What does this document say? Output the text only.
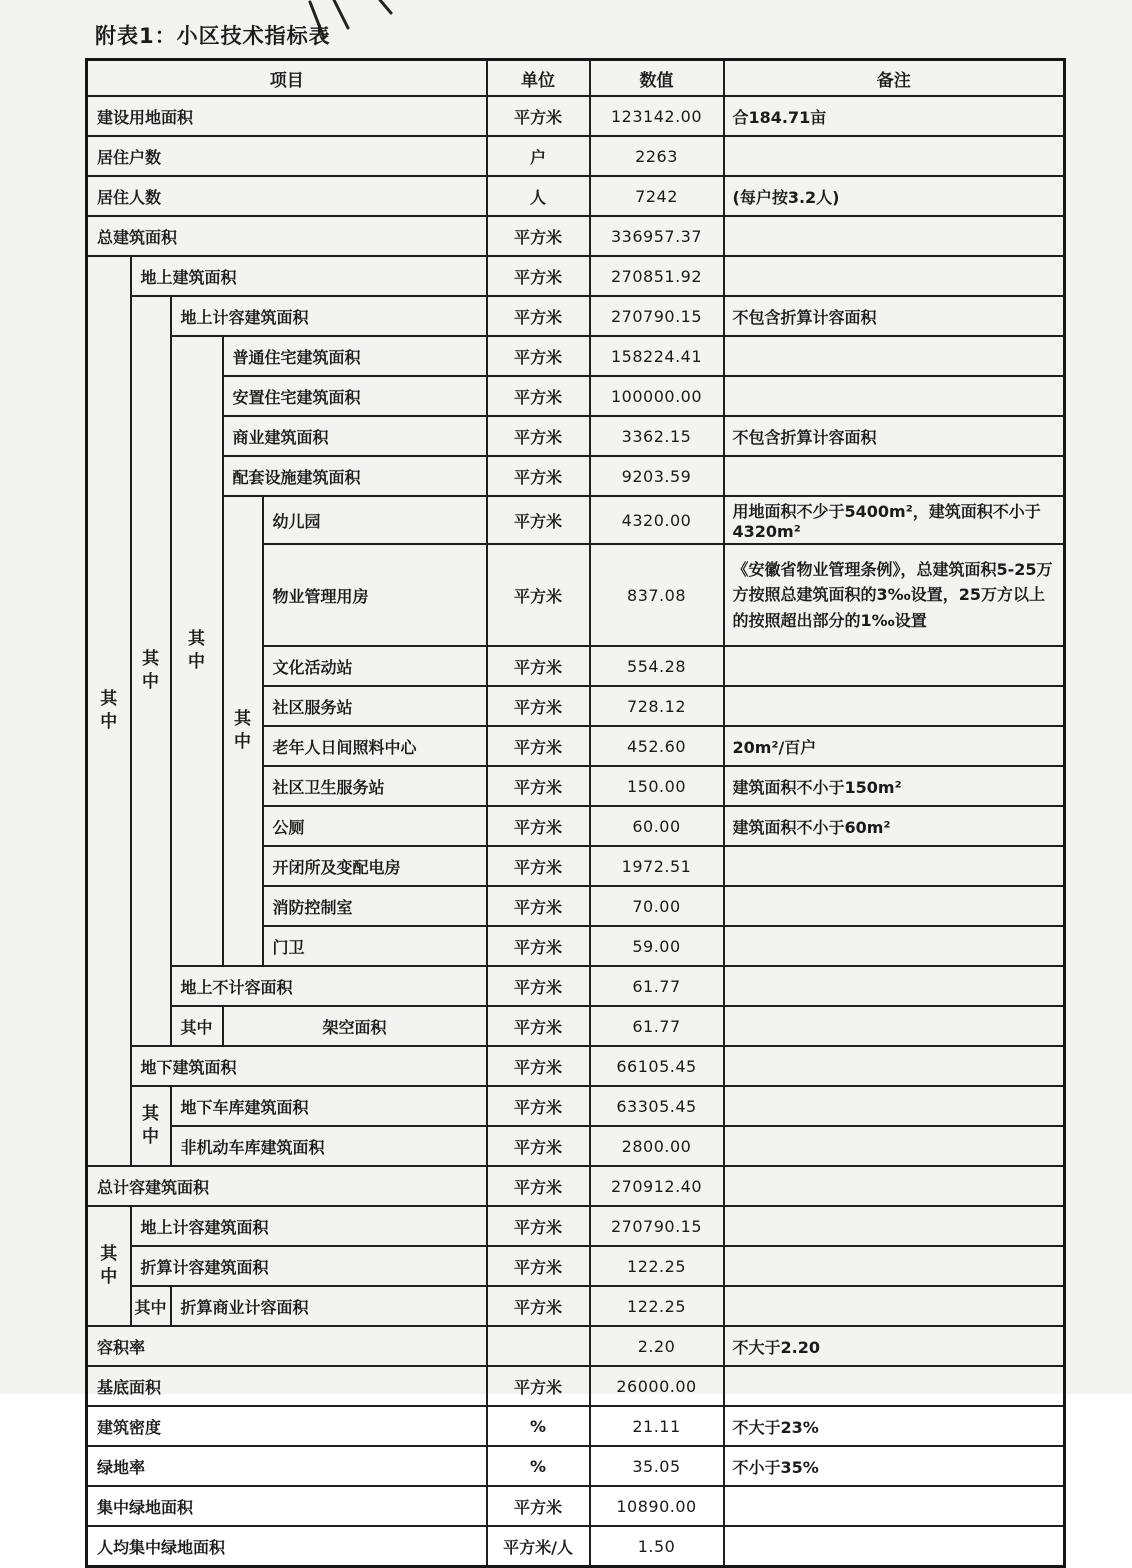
附表1：小区技术指标表
项目					单位	数值	备注
建设用地面积					平方米	123142.00	合184.71亩
居住户数					户	2263	
居住人数					人	7242	(每户按3.2人)
总建筑面积					平方米	336957.37	

其中	地上建筑面积				平方米	270851.92	

	其中	地上计容建筑面积			平方米	270790.15	不包含折算计容面积

		其中	普通住宅建筑面积		平方米	158224.41	
			安置住宅建筑面积		平方米	100000.00	
			商业建筑面积		平方米	3362.15	不包含折算计容面积
			配套设施建筑面积		平方米	9203.59	

			其中	幼儿园	平方米	4320.00	用地面积不少于5400m²，建筑面积不小于4320m²
				物业管理用房	平方米	837.08	《安徽省物业管理条例》，总建筑面积5-25万方按照总建筑面积的3‰设置，25万方以上的按照超出部分的1‰设置
				文化活动站	平方米	554.28	
				社区服务站	平方米	728.12	
				老年人日间照料中心	平方米	452.60	20m²/百户
				社区卫生服务站	平方米	150.00	建筑面积不小于150m²
				公厕	平方米	60.00	建筑面积不小于60m²
				开闭所及变配电房	平方米	1972.51	
				消防控制室	平方米	70.00	
				门卫	平方米	59.00	
		地上不计容面积			平方米	61.77	
		其中	架空面积		平方米	61.77	
	地下建筑面积				平方米	66105.45	

	其中	地下车库建筑面积			平方米	63305.45	
		非机动车库建筑面积			平方米	2800.00	
总计容建筑面积					平方米	270912.40	

其中	地上计容建筑面积				平方米	270790.15	
	折算计容建筑面积				平方米	122.25	
	其中	折算商业计容面积			平方米	122.25	
容积率						2.20	不大于2.20
基底面积					平方米	26000.00	
建筑密度					%	21.11	不大于23%
绿地率					%	35.05	不小于35%
集中绿地面积					平方米	10890.00	
人均集中绿地面积					平方米/人	1.50	
